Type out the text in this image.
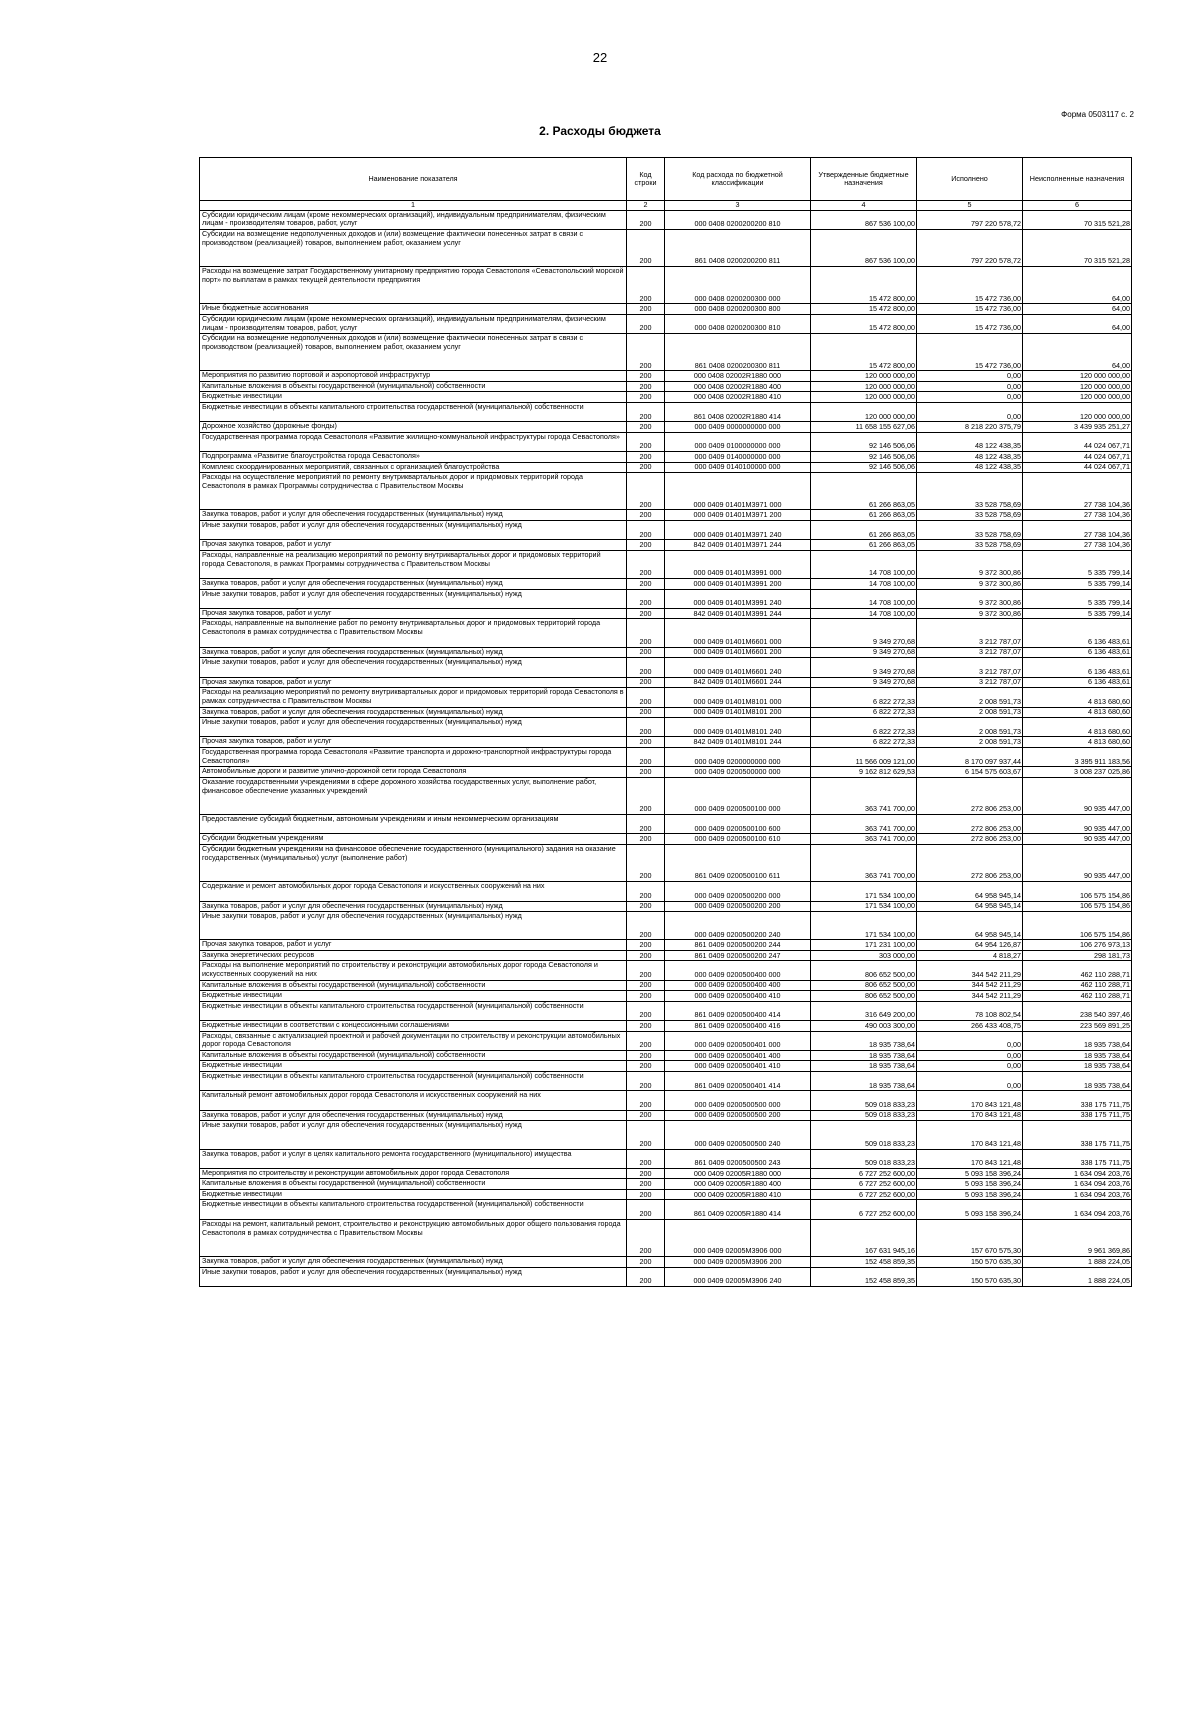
22
Форма 0503117 с. 2
2. Расходы бюджета
Наименование показателя	Код строки	Код расхода по бюджетной классификации	Утвержденные бюджетные назначения	Исполнено	Неисполненные назначения
1	2	3	4	5	6
Субсидии юридическим лицам (кроме некоммерческих организаций), индивидуальным предпринимателям, физическим лицам - производителям товаров, работ, услуг	200	000 0408 0200200200 810	867 536 100,00	797 220 578,72	70 315 521,28
Субсидии на возмещение недополученных доходов и (или) возмещение фактически понесенных затрат в связи с производством (реализацией) товаров, выполнением работ, оказанием услуг	200	861 0408 0200200200 811	867 536 100,00	797 220 578,72	70 315 521,28
Расходы на возмещение затрат Государственному унитарному предприятию города Севастополя «Севастопольский морской порт» по выплатам в рамках текущей деятельности предприятия	200	000 0408 0200200300 000	15 472 800,00	15 472 736,00	64,00
Иные бюджетные ассигнования	200	000 0408 0200200300 800	15 472 800,00	15 472 736,00	64,00
Субсидии юридическим лицам (кроме некоммерческих организаций), индивидуальным предпринимателям, физическим лицам - производителям товаров, работ, услуг	200	000 0408 0200200300 810	15 472 800,00	15 472 736,00	64,00
Субсидии на возмещение недополученных доходов и (или) возмещение фактически понесенных затрат в связи с производством (реализацией) товаров, выполнением работ, оказанием услуг	200	861 0408 0200200300 811	15 472 800,00	15 472 736,00	64,00
Мероприятия по развитию портовой и аэропортовой инфраструктур	200	000 0408 02002R1880 000	120 000 000,00	0,00	120 000 000,00
Капитальные вложения в объекты государственной (муниципальной) собственности	200	000 0408 02002R1880 400	120 000 000,00	0,00	120 000 000,00
Бюджетные инвестиции	200	000 0408 02002R1880 410	120 000 000,00	0,00	120 000 000,00
Бюджетные инвестиции в объекты капитального строительства государственной (муниципальной) собственности	200	861 0408 02002R1880 414	120 000 000,00	0,00	120 000 000,00
Дорожное хозяйство (дорожные фонды)	200	000 0409 0000000000 000	11 658 155 627,06	8 218 220 375,79	3 439 935 251,27
Государственная программа города Севастополя «Развитие жилищно-коммунальной инфраструктуры города Севастополя»	200	000 0409 0100000000 000	92 146 506,06	48 122 438,35	44 024 067,71
Подпрограмма «Развитие благоустройства города Севастополя»	200	000 0409 0140000000 000	92 146 506,06	48 122 438,35	44 024 067,71
Комплекс скоординированных мероприятий, связанных с организацией благоустройства	200	000 0409 0140100000 000	92 146 506,06	48 122 438,35	44 024 067,71
Расходы на осуществление мероприятий по ремонту внутриквартальных дорог и придомовых территорий города Севастополя в рамках Программы сотрудничества с Правительством Москвы	200	000 0409 01401М3971 000	61 266 863,05	33 528 758,69	27 738 104,36
Закупка товаров, работ и услуг для обеспечения государственных (муниципальных) нужд	200	000 0409 01401М3971 200	61 266 863,05	33 528 758,69	27 738 104,36
Иные закупки товаров, работ и услуг для обеспечения государственных (муниципальных) нужд	200	000 0409 01401М3971 240	61 266 863,05	33 528 758,69	27 738 104,36
Прочая закупка товаров, работ и услуг	200	842 0409 01401М3971 244	61 266 863,05	33 528 758,69	27 738 104,36
Расходы, направленные на реализацию мероприятий по ремонту внутриквартальных дорог и придомовых территорий города Севастополя, в рамках Программы сотрудничества с Правительством Москвы	200	000 0409 01401М3991 000	14 708 100,00	9 372 300,86	5 335 799,14
Закупка товаров, работ и услуг для обеспечения государственных (муниципальных) нужд	200	000 0409 01401М3991 200	14 708 100,00	9 372 300,86	5 335 799,14
Иные закупки товаров, работ и услуг для обеспечения государственных (муниципальных) нужд	200	000 0409 01401М3991 240	14 708 100,00	9 372 300,86	5 335 799,14
Прочая закупка товаров, работ и услуг	200	842 0409 01401М3991 244	14 708 100,00	9 372 300,86	5 335 799,14
Расходы, направленные на выполнение работ по ремонту внутриквартальных дорог и придомовых территорий города Севастополя в рамках сотрудничества с Правительством Москвы	200	000 0409 01401М6601 000	9 349 270,68	3 212 787,07	6 136 483,61
Закупка товаров, работ и услуг для обеспечения государственных (муниципальных) нужд	200	000 0409 01401М6601 200	9 349 270,68	3 212 787,07	6 136 483,61
Иные закупки товаров, работ и услуг для обеспечения государственных (муниципальных) нужд	200	000 0409 01401М6601 240	9 349 270,68	3 212 787,07	6 136 483,61
Прочая закупка товаров, работ и услуг	200	842 0409 01401М6601 244	9 349 270,68	3 212 787,07	6 136 483,61
Расходы на реализацию мероприятий по ремонту внутриквартальных дорог и придомовых территорий города Севастополя в рамках сотрудничества с Правительством Москвы	200	000 0409 01401М8101 000	6 822 272,33	2 008 591,73	4 813 680,60
Закупка товаров, работ и услуг для обеспечения государственных (муниципальных) нужд	200	000 0409 01401М8101 200	6 822 272,33	2 008 591,73	4 813 680,60
Иные закупки товаров, работ и услуг для обеспечения государственных (муниципальных) нужд	200	000 0409 01401М8101 240	6 822 272,33	2 008 591,73	4 813 680,60
Прочая закупка товаров, работ и услуг	200	842 0409 01401М8101 244	6 822 272,33	2 008 591,73	4 813 680,60
Государственная программа города Севастополя «Развитие транспорта и дорожно-транспортной инфраструктуры города Севастополя»	200	000 0409 0200000000 000	11 566 009 121,00	8 170 097 937,44	3 395 911 183,56
Автомобильные дороги и развитие улично-дорожной сети города Севастополя	200	000 0409 0200500000 000	9 162 812 629,53	6 154 575 603,67	3 008 237 025,86
Оказание государственными учреждениями в сфере дорожного хозяйства государственных услуг, выполнение работ, финансовое обеспечение указанных учреждений	200	000 0409 0200500100 000	363 741 700,00	272 806 253,00	90 935 447,00
Предоставление субсидий бюджетным, автономным учреждениям и иным некоммерческим организациям	200	000 0409 0200500100 600	363 741 700,00	272 806 253,00	90 935 447,00
Субсидии бюджетным учреждениям	200	000 0409 0200500100 610	363 741 700,00	272 806 253,00	90 935 447,00
Субсидии бюджетным учреждениям на финансовое обеспечение государственного (муниципального) задания на оказание государственных (муниципальных) услуг (выполнение работ)	200	861 0409 0200500100 611	363 741 700,00	272 806 253,00	90 935 447,00
Содержание и ремонт автомобильных дорог города Севастополя и искусственных сооружений на них	200	000 0409 0200500200 000	171 534 100,00	64 958 945,14	106 575 154,86
Закупка товаров, работ и услуг для обеспечения государственных (муниципальных) нужд	200	000 0409 0200500200 200	171 534 100,00	64 958 945,14	106 575 154,86
Иные закупки товаров, работ и услуг для обеспечения государственных (муниципальных) нужд	200	000 0409 0200500200 240	171 534 100,00	64 958 945,14	106 575 154,86
Прочая закупка товаров, работ и услуг	200	861 0409 0200500200 244	171 231 100,00	64 954 126,87	106 276 973,13
Закупка энергетических ресурсов	200	861 0409 0200500200 247	303 000,00	4 818,27	298 181,73
Расходы на выполнение мероприятий по строительству и реконструкции автомобильных дорог города Севастополя и искусственных сооружений на них	200	000 0409 0200500400 000	806 652 500,00	344 542 211,29	462 110 288,71
Капитальные вложения в объекты государственной (муниципальной) собственности	200	000 0409 0200500400 400	806 652 500,00	344 542 211,29	462 110 288,71
Бюджетные инвестиции	200	000 0409 0200500400 410	806 652 500,00	344 542 211,29	462 110 288,71
Бюджетные инвестиции в объекты капитального строительства государственной (муниципальной) собственности	200	861 0409 0200500400 414	316 649 200,00	78 108 802,54	238 540 397,46
Бюджетные инвестиции в соответствии с концессионными соглашениями	200	861 0409 0200500400 416	490 003 300,00	266 433 408,75	223 569 891,25
Расходы, связанные с актуализацией проектной и рабочей документации по строительству и реконструкции автомобильных дорог города Севастополя	200	000 0409 0200500401 000	18 935 738,64	0,00	18 935 738,64
Капитальные вложения в объекты государственной (муниципальной) собственности	200	000 0409 0200500401 400	18 935 738,64	0,00	18 935 738,64
Бюджетные инвестиции	200	000 0409 0200500401 410	18 935 738,64	0,00	18 935 738,64
Бюджетные инвестиции в объекты капитального строительства государственной (муниципальной) собственности	200	861 0409 0200500401 414	18 935 738,64	0,00	18 935 738,64
Капитальный ремонт автомобильных дорог города Севастополя и искусственных сооружений на них	200	000 0409 0200500500 000	509 018 833,23	170 843 121,48	338 175 711,75
Закупка товаров, работ и услуг для обеспечения государственных (муниципальных) нужд	200	000 0409 0200500500 200	509 018 833,23	170 843 121,48	338 175 711,75
Иные закупки товаров, работ и услуг для обеспечения государственных (муниципальных) нужд	200	000 0409 0200500500 240	509 018 833,23	170 843 121,48	338 175 711,75
Закупка товаров, работ и услуг в целях капитального ремонта государственного (муниципального) имущества	200	861 0409 0200500500 243	509 018 833,23	170 843 121,48	338 175 711,75
Мероприятия по строительству и реконструкции автомобильных дорог города Севастополя	200	000 0409 02005R1880 000	6 727 252 600,00	5 093 158 396,24	1 634 094 203,76
Капитальные вложения в объекты государственной (муниципальной) собственности	200	000 0409 02005R1880 400	6 727 252 600,00	5 093 158 396,24	1 634 094 203,76
Бюджетные инвестиции	200	000 0409 02005R1880 410	6 727 252 600,00	5 093 158 396,24	1 634 094 203,76
Бюджетные инвестиции в объекты капитального строительства государственной (муниципальной) собственности	200	861 0409 02005R1880 414	6 727 252 600,00	5 093 158 396,24	1 634 094 203,76
Расходы на ремонт, капитальный ремонт, строительство и реконструкцию автомобильных дорог общего пользования города Севастополя в рамках сотрудничества с Правительством Москвы	200	000 0409 02005М3906 000	167 631 945,16	157 670 575,30	9 961 369,86
Закупка товаров, работ и услуг для обеспечения государственных (муниципальных) нужд	200	000 0409 02005М3906 200	152 458 859,35	150 570 635,30	1 888 224,05
Иные закупки товаров, работ и услуг для обеспечения государственных (муниципальных) нужд	200	000 0409 02005М3906 240	152 458 859,35	150 570 635,30	1 888 224,05
